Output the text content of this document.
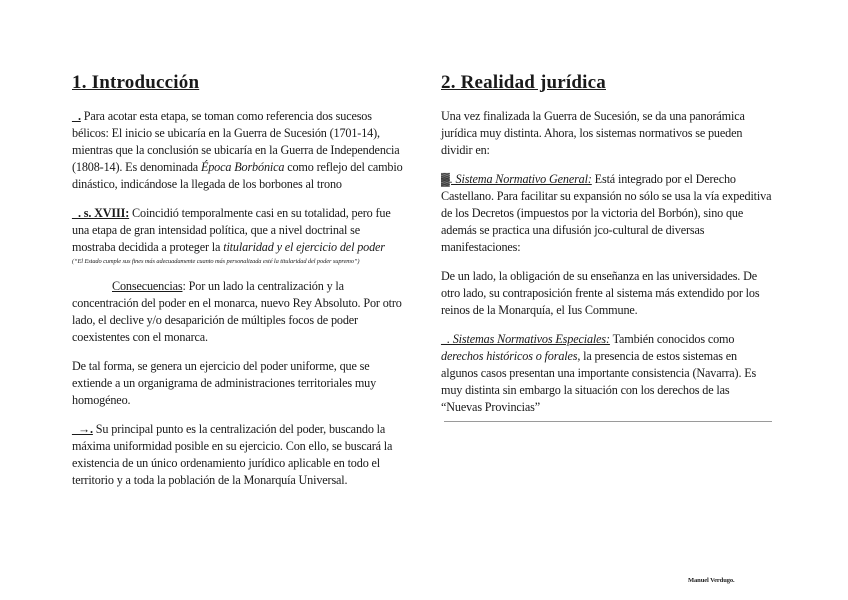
1. Introducción

_. Para acotar esta etapa, se toman como referencia dos sucesos bélicos: El inicio se ubicaría en la Guerra de Sucesión (1701-14), mientras que la conclusión se ubicaría en la Guerra de Independencia (1808-14). Es denominada Época Borbónica como reflejo del cambio dinástico, indicándose la llegada de los borbones al trono

_. s. XVIII: Coincidió temporalmente casi en su totalidad, pero fue una etapa de gran intensidad política, que a nivel doctrinal se mostraba decidida a proteger la titularidad y el ejercicio del poder
(“El Estado cumple sus fines más adecuadamente cuanto más personalizada esté la titularidad del poder supremo”)

Consecuencias: Por un lado la centralización y la concentración del poder en el monarca, nuevo Rey Absoluto. Por otro lado, el declive y/o desaparición de múltiples focos de poder coexistentes con el monarca.

De tal forma, se genera un ejercicio del poder uniforme, que se extiende a un organigrama de administraciones territoriales muy homogéneo.

_→. Su principal punto es la centralización del poder, buscando la máxima uniformidad posible en su ejercicio. Con ello, se buscará la existencia de un único ordenamiento jurídico aplicable en todo el territorio y a toda la población de la Monarquía Universal.

2. Realidad jurídica

Una vez finalizada la Guerra de Sucesión, se da una panorámica jurídica muy distinta. Ahora, los sistemas normativos se pueden dividir en:

▓. Sistema Normativo General: Está integrado por el Derecho Castellano. Para facilitar su expansión no sólo se usa la vía expeditiva de los Decretos (impuestos por la victoria del Borbón), sino que además se practica una difusión jco-cultural de diversas manifestaciones:

De un lado, la obligación de su enseñanza en las universidades. De otro lado, su contraposición frente al sistema más extendido por los reinos de la Monarquía, el Ius Commune.

_. Sistemas Normativos Especiales: También conocidos como derechos históricos o forales, la presencia de estos sistemas en algunos casos presentan una importante consistencia (Navarra). Es muy distinta sin embargo la situación con los derechos de las “Nuevas Provincias”

Manuel Verdugo.
